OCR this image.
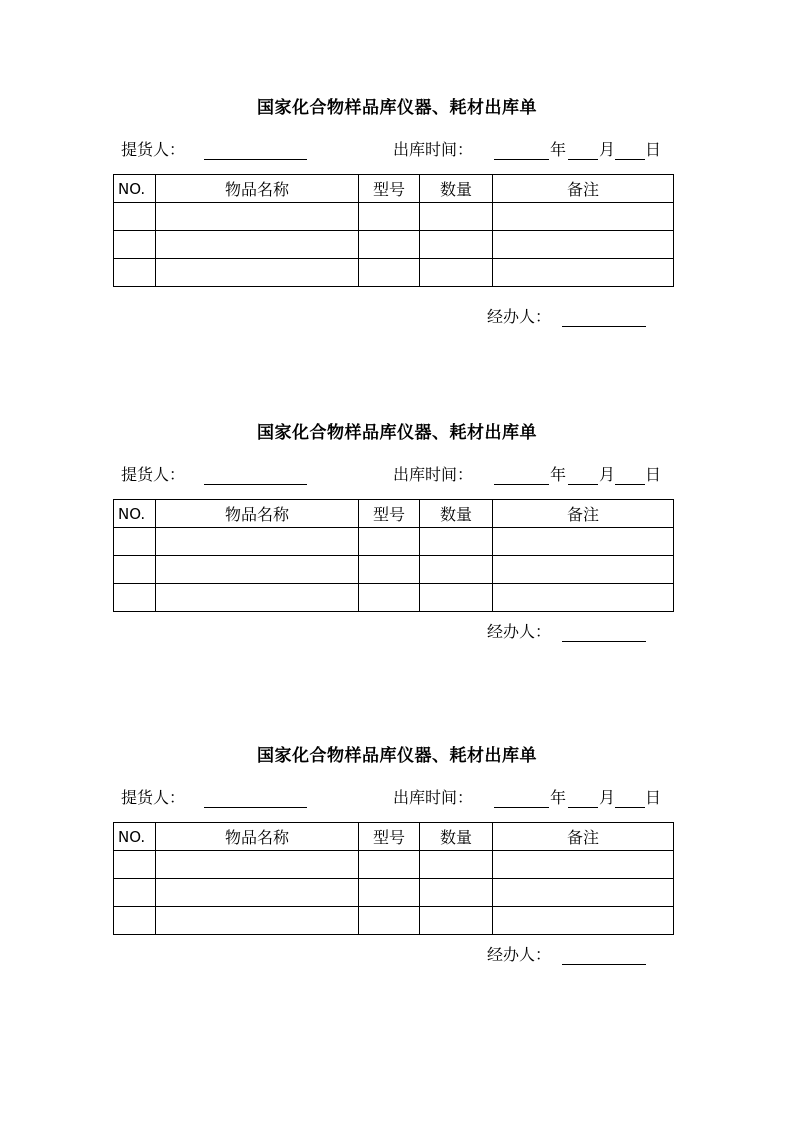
国家化合物样品库仪器、耗材出库单
提货人：	出库时间：	年 月 日
NO.	物品名称	型号	数量	备注

经办人：
国家化合物样品库仪器、耗材出库单
提货人：	出库时间：	年 月 日
NO.	物品名称	型号	数量	备注

经办人：
国家化合物样品库仪器、耗材出库单
提货人：	出库时间：	年 月 日
NO.	物品名称	型号	数量	备注

经办人：
